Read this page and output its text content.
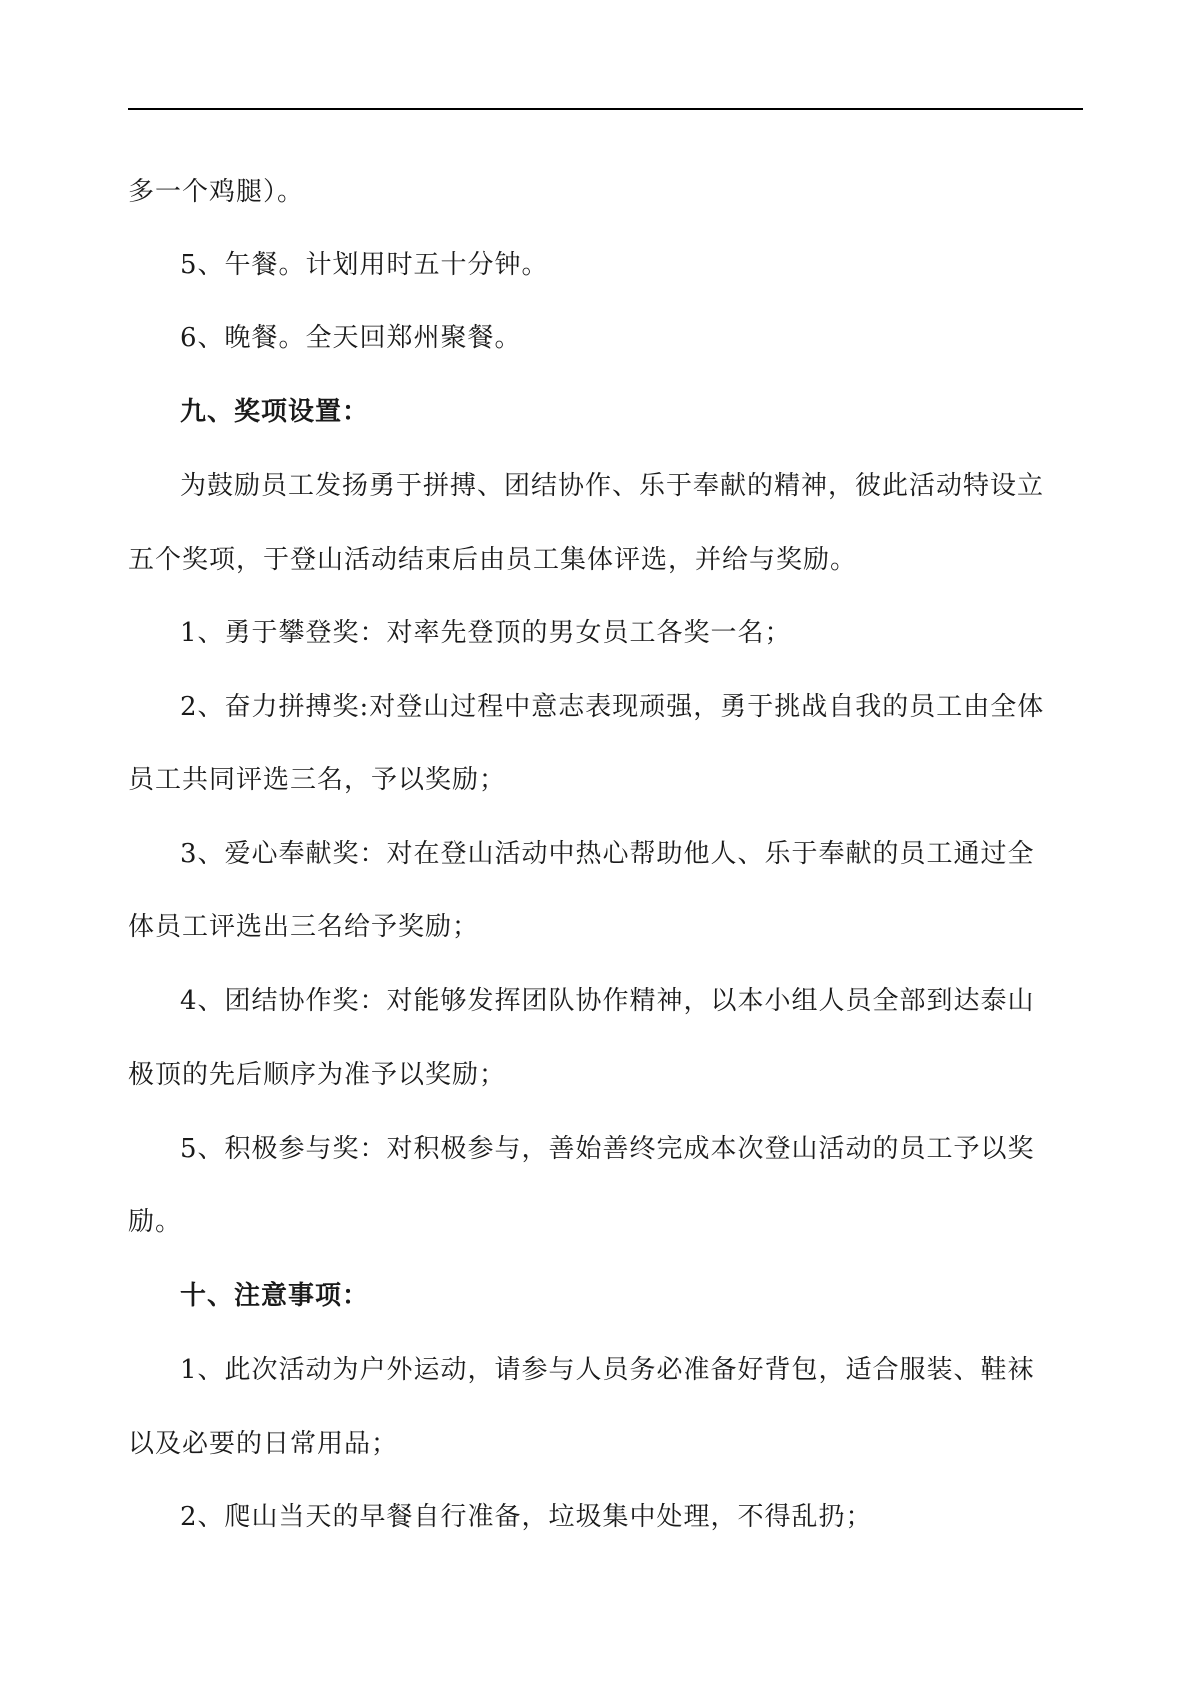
多一个鸡腿）。
5、午餐。计划用时五十分钟。
6、晚餐。全天回郑州聚餐。
九、奖项设置：
为鼓励员工发扬勇于拼搏、团结协作、乐于奉献的精神，彼此活动特设立
五个奖项，于登山活动结束后由员工集体评选，并给与奖励。
1、勇于攀登奖：对率先登顶的男女员工各奖一名；
2、奋力拼搏奖:对登山过程中意志表现顽强，勇于挑战自我的员工由全体
员工共同评选三名，予以奖励；
3、爱心奉献奖：对在登山活动中热心帮助他人、乐于奉献的员工通过全
体员工评选出三名给予奖励；
4、团结协作奖：对能够发挥团队协作精神，以本小组人员全部到达泰山
极顶的先后顺序为准予以奖励；
5、积极参与奖：对积极参与，善始善终完成本次登山活动的员工予以奖
励。
十、注意事项：
1、此次活动为户外运动，请参与人员务必准备好背包，适合服装、鞋袜
以及必要的日常用品；
2、爬山当天的早餐自行准备，垃圾集中处理，不得乱扔；
